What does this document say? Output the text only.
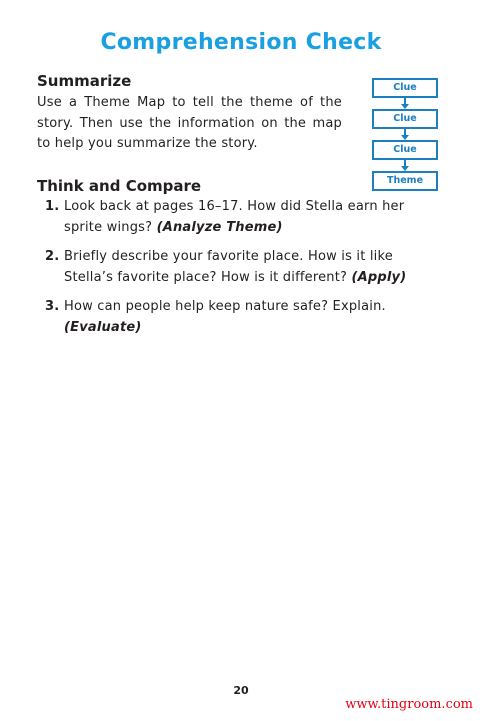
Comprehension Check
Summarize
Use a Theme Map to tell the theme of the story. Then use the information on the map to help you summarize the story.
Clue
Clue
Clue
Theme
Think and Compare
1. Look back at pages 16–17. How did Stella earn her sprite wings? (Analyze Theme)
2. Briefly describe your favorite place. How is it like Stella’s favorite place? How is it different? (Apply)
3. How can people help keep nature safe? Explain.
(Evaluate)
20
www.tingroom.com
